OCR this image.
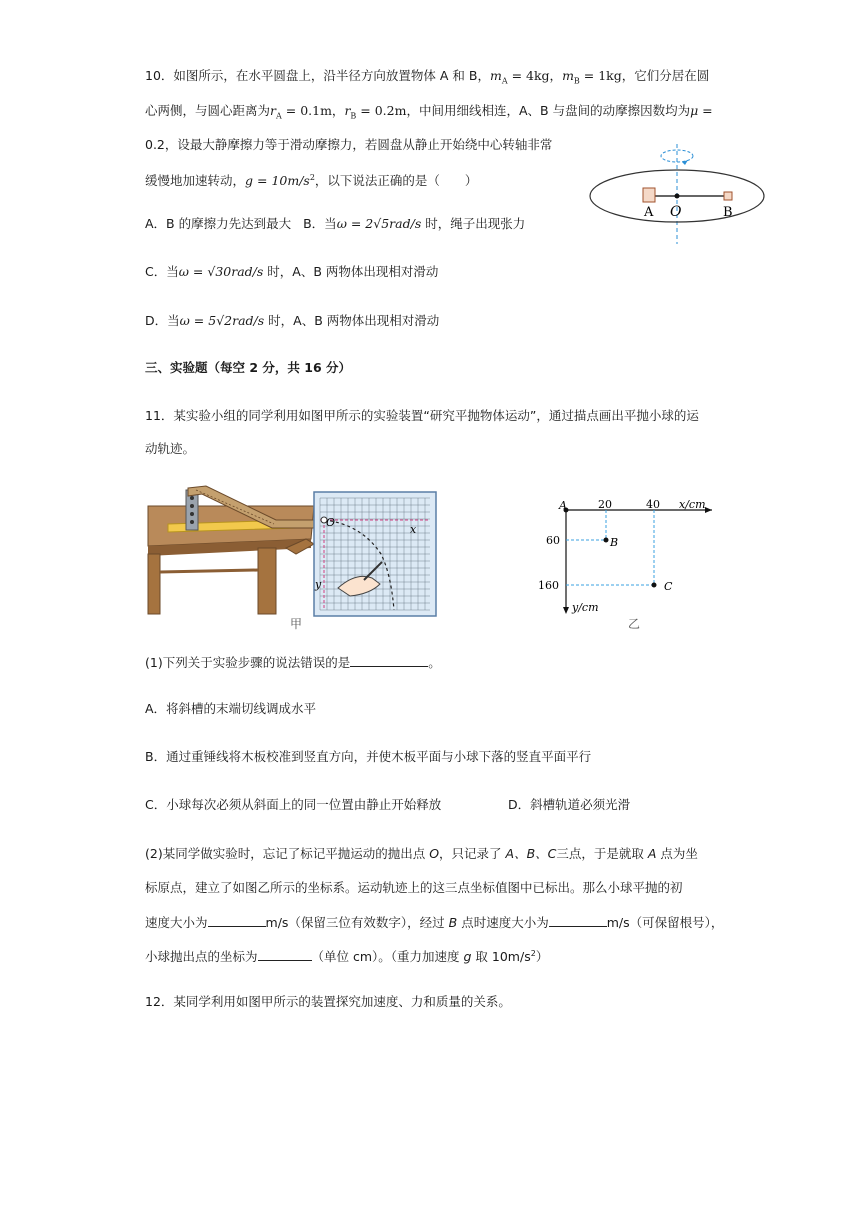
10．如图所示，在水平圆盘上，沿半径方向放置物体 A 和 B，$m_A = 4kg$，$m_B = 1kg$，它们分居在圆
心两侧，与圆心距离为$r_A = 0.1m$，$r_B = 0.2m$，中间用细线相连，A、B 与盘间的动摩擦因数均为μ =
0.2，设最大静摩擦力等于滑动摩擦力，若圆盘从静止开始绕中心转轴非常
缓慢地加速转动，$g = 10m/s^2$，以下说法正确的是（　　）
A O	B
A．B 的摩擦力先达到最大 B．当ω = 2√5rad/s 时，绳子出现张力
C．当ω = √30rad/s 时，A、B 两物体出现相对滑动
D．当ω = 5√2rad/s 时，A、B 两物体出现相对滑动
三、实验题（每空 2 分，共 16 分）
11．某实验小组的同学利用如图甲所示的实验装置“研究平抛物体运动”，通过描点画出平抛小球的运
动轨迹。
O
x
y
甲
A	20	40 x/cm
60
160
y/cm
B
C
乙
(1)下列关于实验步骤的说法错误的是	。
A．将斜槽的末端切线调成水平
B．通过重锤线将木板校准到竖直方向，并使木板平面与小球下落的竖直平面平行
C．小球每次必须从斜面上的同一位置由静止开始释放	D．斜槽轨道必须光滑
(2)某同学做实验时，忘记了标记平抛运动的抛出点 O，只记录了 A、B、C三点，于是就取 A 点为坐
标原点，建立了如图乙所示的坐标系。运动轨迹上的这三点坐标值图中已标出。那么小球平抛的初
速度大小为	m/s（保留三位有效数字），经过 B 点时速度大小为	m/s（可保留根号），
小球抛出点的坐标为	（单位 cm）。（重力加速度 g 取 $10m/s^2$）
12．某同学利用如图甲所示的装置探究加速度、力和质量的关系。
